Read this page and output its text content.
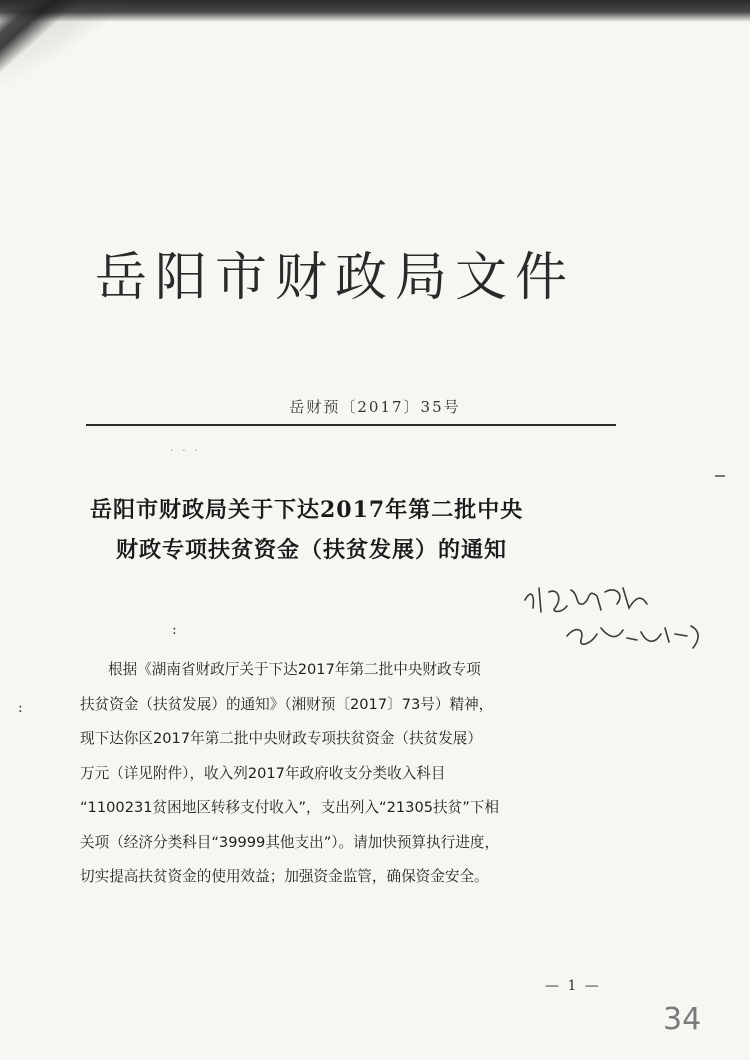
岳阳市财政局文件
岳财预〔2017〕35号
· · ·
岳阳市财政局关于下达2017年第二批中央
财政专项扶贫资金（扶贫发展）的通知
:
:
根据《湖南省财政厅关于下达2017年第二批中央财政专项
扶贫资金（扶贫发展）的通知》（湘财预〔2017〕73号）精神，
现下达你区2017年第二批中央财政专项扶贫资金（扶贫发展）
万元（详见附件），收入列2017年政府收支分类收入科目
“1100231贫困地区转移支付收入”，支出列入“21305扶贫”下相
关项（经济分类科目“39999其他支出”）。请加快预算执行进度，
切实提高扶贫资金的使用效益；加强资金监管，确保资金安全。
— 1 —
34
